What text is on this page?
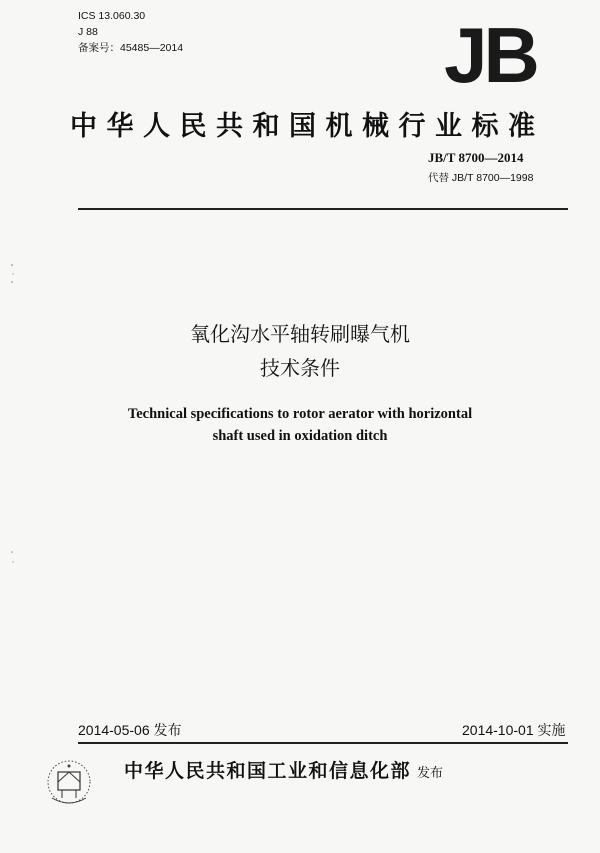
ICS 13.060.30
J 88
备案号：45485—2014	JB
中华人民共和国机械行业标准
JB/T 8700—2014
代替 JB/T 8700—1998
氧化沟水平轴转刷曝气机
技术条件
Technical specifications to rotor aerator with horizontal
shaft used in oxidation ditch
2014-05-06 发布	2014-10-01 实施
中华人民共和国工业和信息化部 发布
